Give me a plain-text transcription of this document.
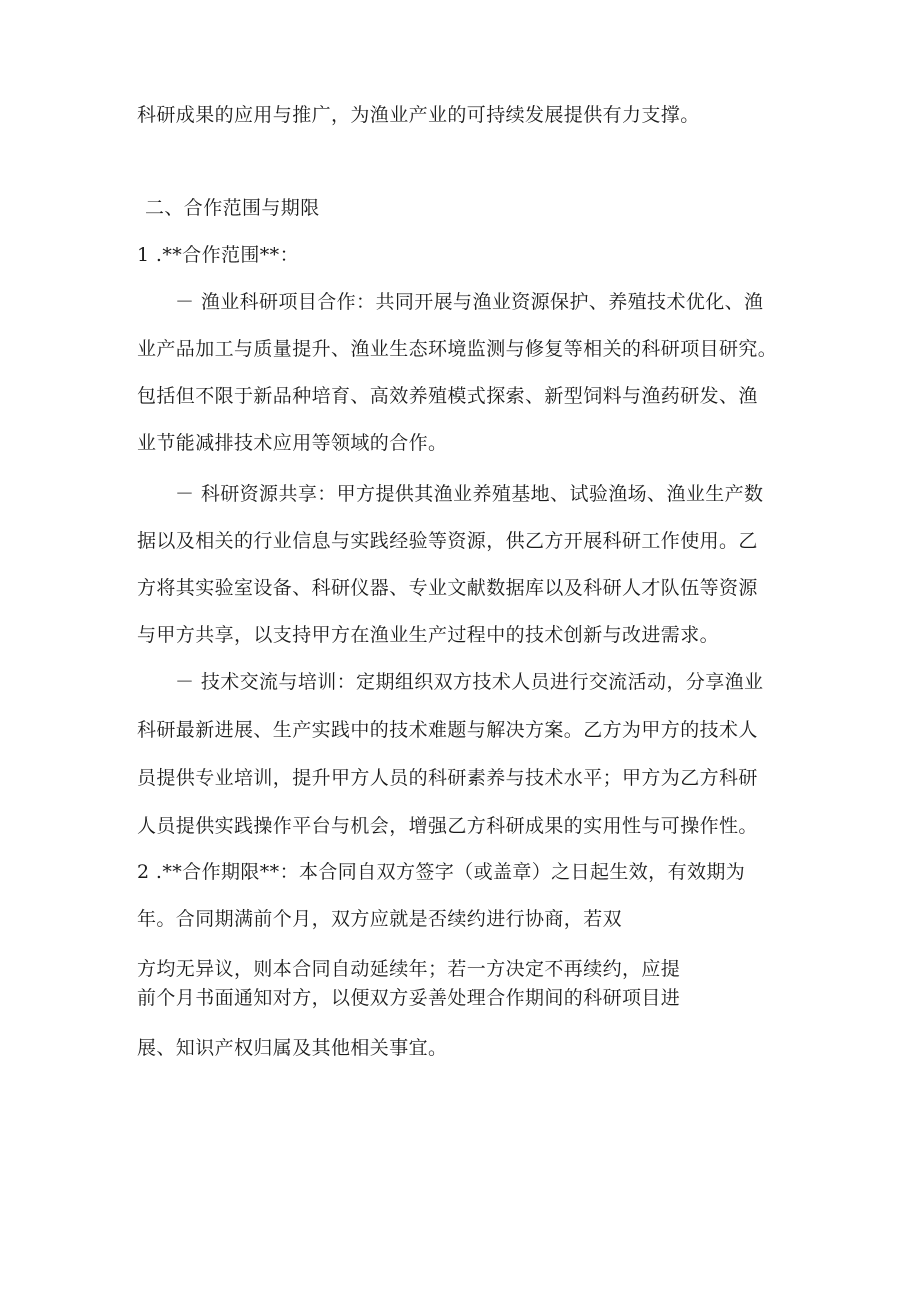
科研成果的应用与推广，为渔业产业的可持续发展提供有力支撑。
二、合作范围与期限
1 .**合作范围**：
－ 渔业科研项目合作：共同开展与渔业资源保护、养殖技术优化、渔
业产品加工与质量提升、渔业生态环境监测与修复等相关的科研项目研究。
包括但不限于新品种培育、高效养殖模式探索、新型饲料与渔药研发、渔
业节能减排技术应用等领域的合作。
－ 科研资源共享：甲方提供其渔业养殖基地、试验渔场、渔业生产数
据以及相关的行业信息与实践经验等资源，供乙方开展科研工作使用。乙
方将其实验室设备、科研仪器、专业文献数据库以及科研人才队伍等资源
与甲方共享，以支持甲方在渔业生产过程中的技术创新与改进需求。
－ 技术交流与培训：定期组织双方技术人员进行交流活动，分享渔业
科研最新进展、生产实践中的技术难题与解决方案。乙方为甲方的技术人
员提供专业培训，提升甲方人员的科研素养与技术水平；甲方为乙方科研
人员提供实践操作平台与机会，增强乙方科研成果的实用性与可操作性。
2 .**合作期限**：本合同自双方签字（或盖章）之日起生效，有效期为
年。合同期满前个月，双方应就是否续约进行协商，若双
方均无异议，则本合同自动延续年；若一方决定不再续约，应提
前个月书面通知对方，以便双方妥善处理合作期间的科研项目进
展、知识产权归属及其他相关事宜。
